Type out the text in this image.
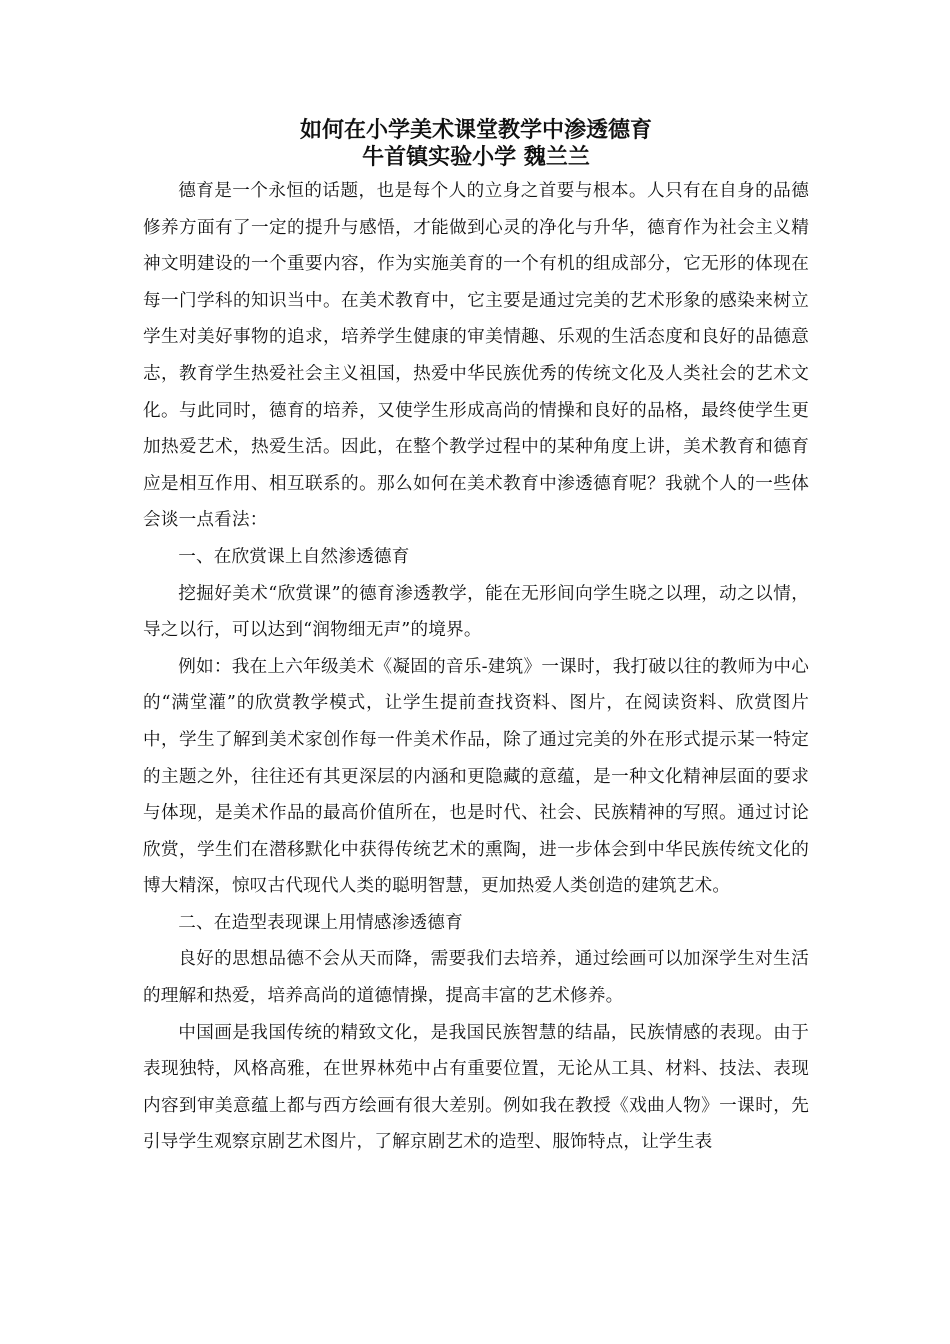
如何在小学美术课堂教学中渗透德育
牛首镇实验小学 魏兰兰

德育是一个永恒的话题，也是每个人的立身之首要与根本。人只有在自身的品德修养方面有了一定的提升与感悟，才能做到心灵的净化与升华，德育作为社会主义精神文明建设的一个重要内容，作为实施美育的一个有机的组成部分，它无形的体现在每一门学科的知识当中。在美术教育中，它主要是通过完美的艺术形象的感染来树立学生对美好事物的追求，培养学生健康的审美情趣、乐观的生活态度和良好的品德意志，教育学生热爱社会主义祖国，热爱中华民族优秀的传统文化及人类社会的艺术文化。与此同时，德育的培养，又使学生形成高尚的情操和良好的品格，最终使学生更加热爱艺术，热爱生活。因此，在整个教学过程中的某种角度上讲，美术教育和德育应是相互作用、相互联系的。那么如何在美术教育中渗透德育呢？我就个人的一些体会谈一点看法：

一、在欣赏课上自然渗透德育

挖掘好美术“欣赏课”的德育渗透教学，能在无形间向学生晓之以理，动之以情，导之以行，可以达到“润物细无声”的境界。

例如：我在上六年级美术《凝固的音乐-建筑》一课时，我打破以往的教师为中心的“满堂灌”的欣赏教学模式，让学生提前查找资料、图片，在阅读资料、欣赏图片中，学生了解到美术家创作每一件美术作品，除了通过完美的外在形式提示某一特定的主题之外，往往还有其更深层的内涵和更隐藏的意蕴，是一种文化精神层面的要求与体现，是美术作品的最高价值所在，也是时代、社会、民族精神的写照。通过讨论欣赏，学生们在潜移默化中获得传统艺术的熏陶，进一步体会到中华民族传统文化的博大精深，惊叹古代现代人类的聪明智慧，更加热爱人类创造的建筑艺术。

二、在造型表现课上用情感渗透德育

良好的思想品德不会从天而降，需要我们去培养，通过绘画可以加深学生对生活的理解和热爱，培养高尚的道德情操，提高丰富的艺术修养。

中国画是我国传统的精致文化，是我国民族智慧的结晶，民族情感的表现。由于表现独特，风格高雅，在世界林苑中占有重要位置，无论从工具、材料、技法、表现内容到审美意蕴上都与西方绘画有很大差别。例如我在教授《戏曲人物》一课时，先引导学生观察京剧艺术图片，了解京剧艺术的造型、服饰特点，让学生表
